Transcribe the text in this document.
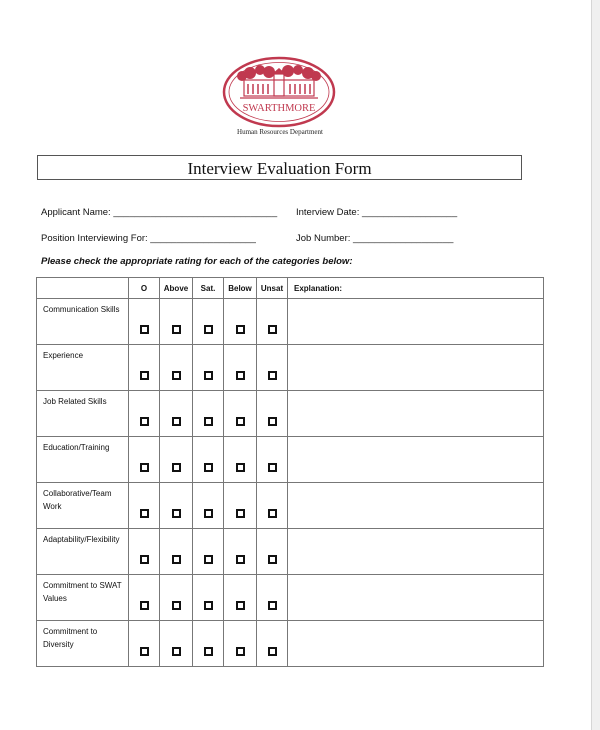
SWARTHMORE
Human Resources Department
Interview Evaluation Form
Applicant Name: _______________________________ Interview Date: __________________
Position Interviewing For: ____________________	Job Number: ___________________
Please check the appropriate rating for each of the categories below:
	O	Above	Sat.	Below	Unsat	Explanation:
Communication Skills						
Experience						
Job Related Skills						
Education/Training						
Collaborative/Team Work						
Adaptability/Flexibility						
Commitment to SWAT Values						
Commitment to Diversity						
